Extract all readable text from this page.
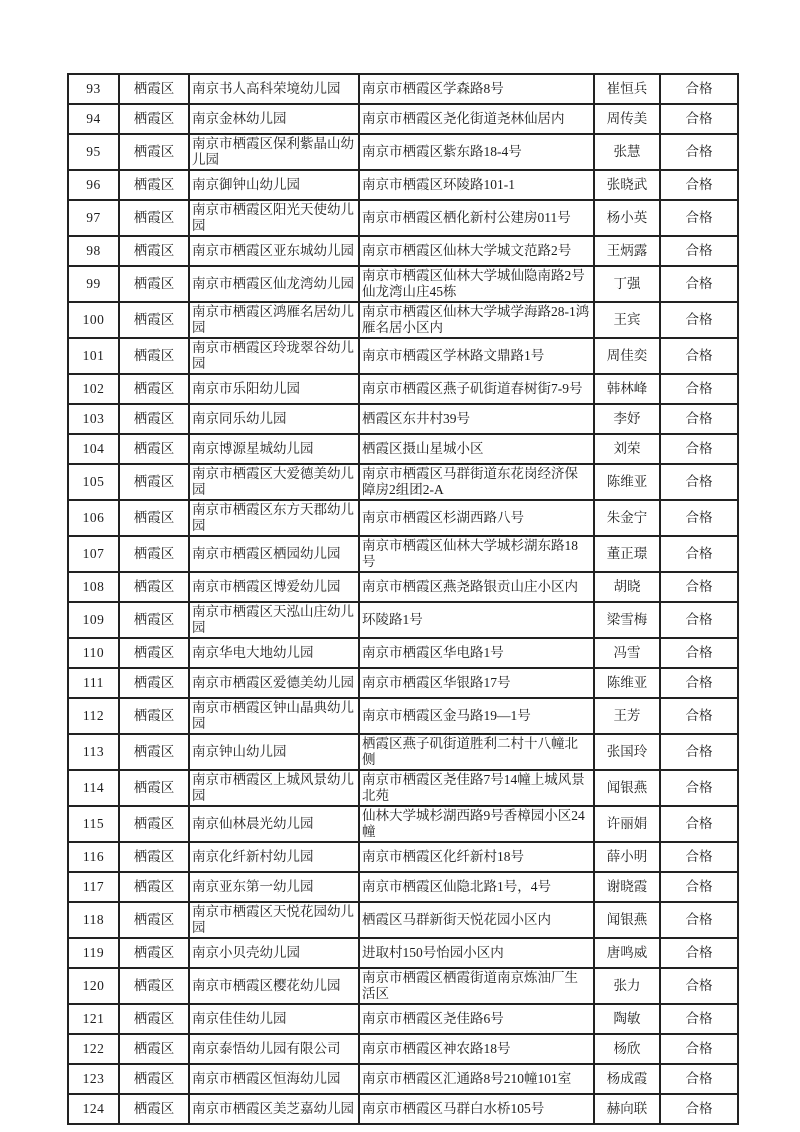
93	栖霞区	南京书人高科荣境幼儿园	南京市栖霞区学森路8号	崔恒兵	合格
94	栖霞区	南京金林幼儿园	南京市栖霞区尧化街道尧林仙居内	周传美	合格
95	栖霞区	南京市栖霞区保利紫晶山幼儿园	南京市栖霞区紫东路18-4号	张慧	合格
96	栖霞区	南京御钟山幼儿园	南京市栖霞区环陵路101-1	张晓武	合格
97	栖霞区	南京市栖霞区阳光天使幼儿园	南京市栖霞区栖化新村公建房011号	杨小英	合格
98	栖霞区	南京市栖霞区亚东城幼儿园	南京市栖霞区仙林大学城文范路2号	王炳露	合格
99	栖霞区	南京市栖霞区仙龙湾幼儿园	南京市栖霞区仙林大学城仙隐南路2号仙龙湾山庄45栋	丁强	合格
100	栖霞区	南京市栖霞区鸿雁名居幼儿园	南京市栖霞区仙林大学城学海路28-1鸿雁名居小区内	王宾	合格
101	栖霞区	南京市栖霞区玲珑翠谷幼儿园	南京市栖霞区学林路文鼎路1号	周佳奕	合格
102	栖霞区	南京市乐阳幼儿园	南京市栖霞区燕子矶街道春树街7-9号	韩林峰	合格
103	栖霞区	南京同乐幼儿园	栖霞区东井村39号	李妤	合格
104	栖霞区	南京博源星城幼儿园	栖霞区摄山星城小区	刘荣	合格
105	栖霞区	南京市栖霞区大爱德美幼儿园	南京市栖霞区马群街道东花岗经济保障房2组团2-A	陈维亚	合格
106	栖霞区	南京市栖霞区东方天郡幼儿园	南京市栖霞区杉湖西路八号	朱金宁	合格
107	栖霞区	南京市栖霞区栖园幼儿园	南京市栖霞区仙林大学城杉湖东路18号	董正璟	合格
108	栖霞区	南京市栖霞区博爱幼儿园	南京市栖霞区燕尧路银贡山庄小区内	胡晓	合格
109	栖霞区	南京市栖霞区天泓山庄幼儿园	环陵路1号	梁雪梅	合格
110	栖霞区	南京华电大地幼儿园	南京市栖霞区华电路1号	冯雪	合格
111	栖霞区	南京市栖霞区爱德美幼儿园	南京市栖霞区华银路17号	陈维亚	合格
112	栖霞区	南京市栖霞区钟山晶典幼儿园	南京市栖霞区金马路19—1号	王芳	合格
113	栖霞区	南京钟山幼儿园	栖霞区燕子矶街道胜利二村十八幢北侧	张国玲	合格
114	栖霞区	南京市栖霞区上城风景幼儿园	南京市栖霞区尧佳路7号14幢上城风景北苑	闻银燕	合格
115	栖霞区	南京仙林晨光幼儿园	仙林大学城杉湖西路9号香樟园小区24幢	许丽娟	合格
116	栖霞区	南京化纤新村幼儿园	南京市栖霞区化纤新村18号	薛小明	合格
117	栖霞区	南京亚东第一幼儿园	南京市栖霞区仙隐北路1号，4号	谢晓霞	合格
118	栖霞区	南京市栖霞区天悦花园幼儿园	栖霞区马群新街天悦花园小区内	闻银燕	合格
119	栖霞区	南京小贝壳幼儿园	进取村150号怡园小区内	唐鸣威	合格
120	栖霞区	南京市栖霞区樱花幼儿园	南京市栖霞区栖霞街道南京炼油厂生活区	张力	合格
121	栖霞区	南京佳佳幼儿园	南京市栖霞区尧佳路6号	陶敏	合格
122	栖霞区	南京泰悟幼儿园有限公司	南京市栖霞区神农路18号	杨欣	合格
123	栖霞区	南京市栖霞区恒海幼儿园	南京市栖霞区汇通路8号210幢101室	杨成霞	合格
124	栖霞区	南京市栖霞区美芝嘉幼儿园	南京市栖霞区马群白水桥105号	赫向联	合格
